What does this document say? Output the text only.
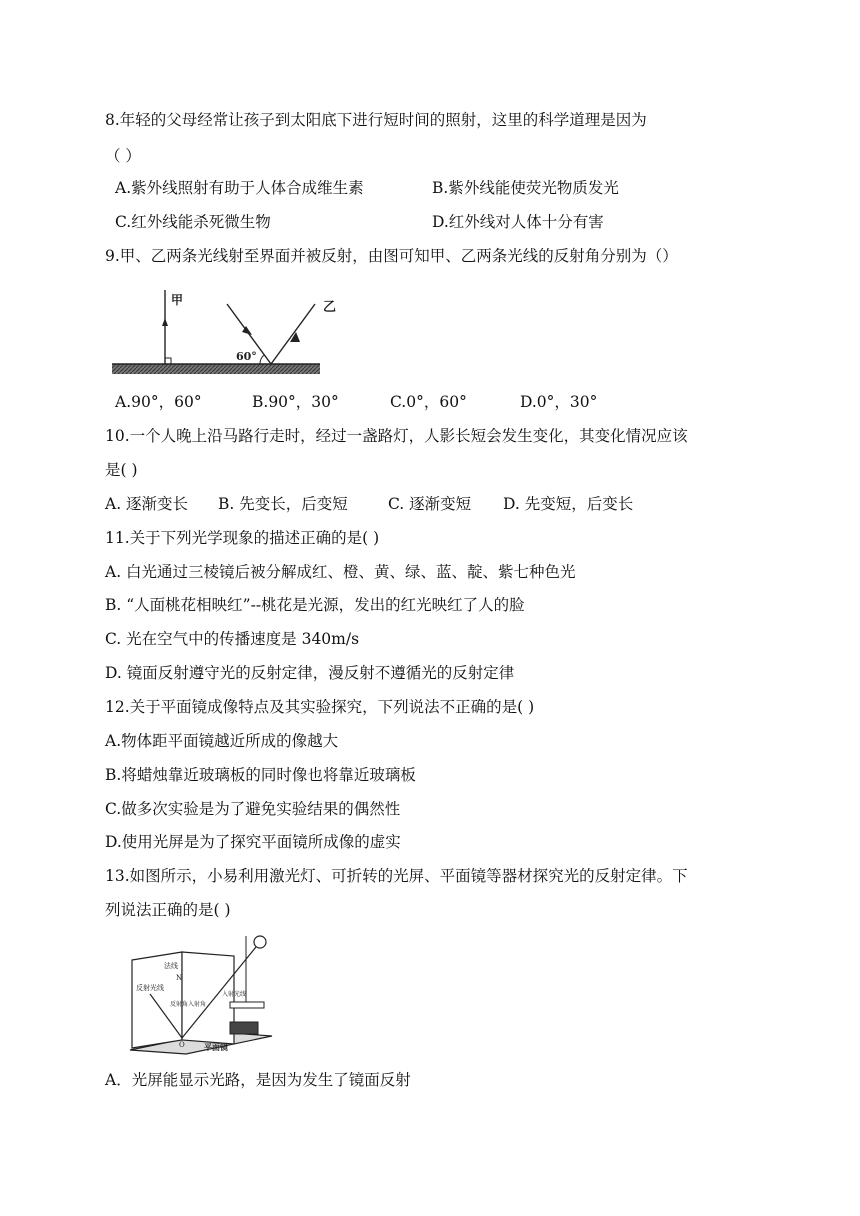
8.年轻的父母经常让孩子到太阳底下进行短时间的照射，这里的科学道理是因为
（ ）
A.紫外线照射有助于人体合成维生素	B.紫外线能使荧光物质发光
C.红外线能杀死微生物	D.红外线对人体十分有害
9.甲、乙两条光线射至界面并被反射，由图可知甲、乙两条光线的反射角分别为（）
甲
60°
乙
A.90°，60°	B.90°，30°	C.0°，60°	D.0°，30°
10.一个人晚上沿马路行走时，经过一盏路灯，人影长短会发生变化，其变化情况应该
是( )
A. 逐渐变长 B. 先变长，后变短	C. 逐渐变短 D. 先变短，后变长
11.关于下列光学现象的描述正确的是( )
A. 白光通过三棱镜后被分解成红、橙、黄、绿、蓝、靛、紫七种色光
B. “人面桃花相映红”--桃花是光源，发出的红光映红了人的脸
C. 光在空气中的传播速度是 340m/s
D. 镜面反射遵守光的反射定律，漫反射不遵循光的反射定律
12.关于平面镜成像特点及其实验探究，下列说法不正确的是( )
A.物体距平面镜越近所成的像越大
B.将蜡烛靠近玻璃板的同时像也将靠近玻璃板
C.做多次实验是为了避免实验结果的偶然性
D.使用光屏是为了探究平面镜所成像的虚实
13.如图所示，小易利用激光灯、可折转的光屏、平面镜等器材探究光的反射定律。下
列说法正确的是( )
法线
N
反射光线
反射角入射角
入射光线
O 平面镜
A．光屏能显示光路，是因为发生了镜面反射
